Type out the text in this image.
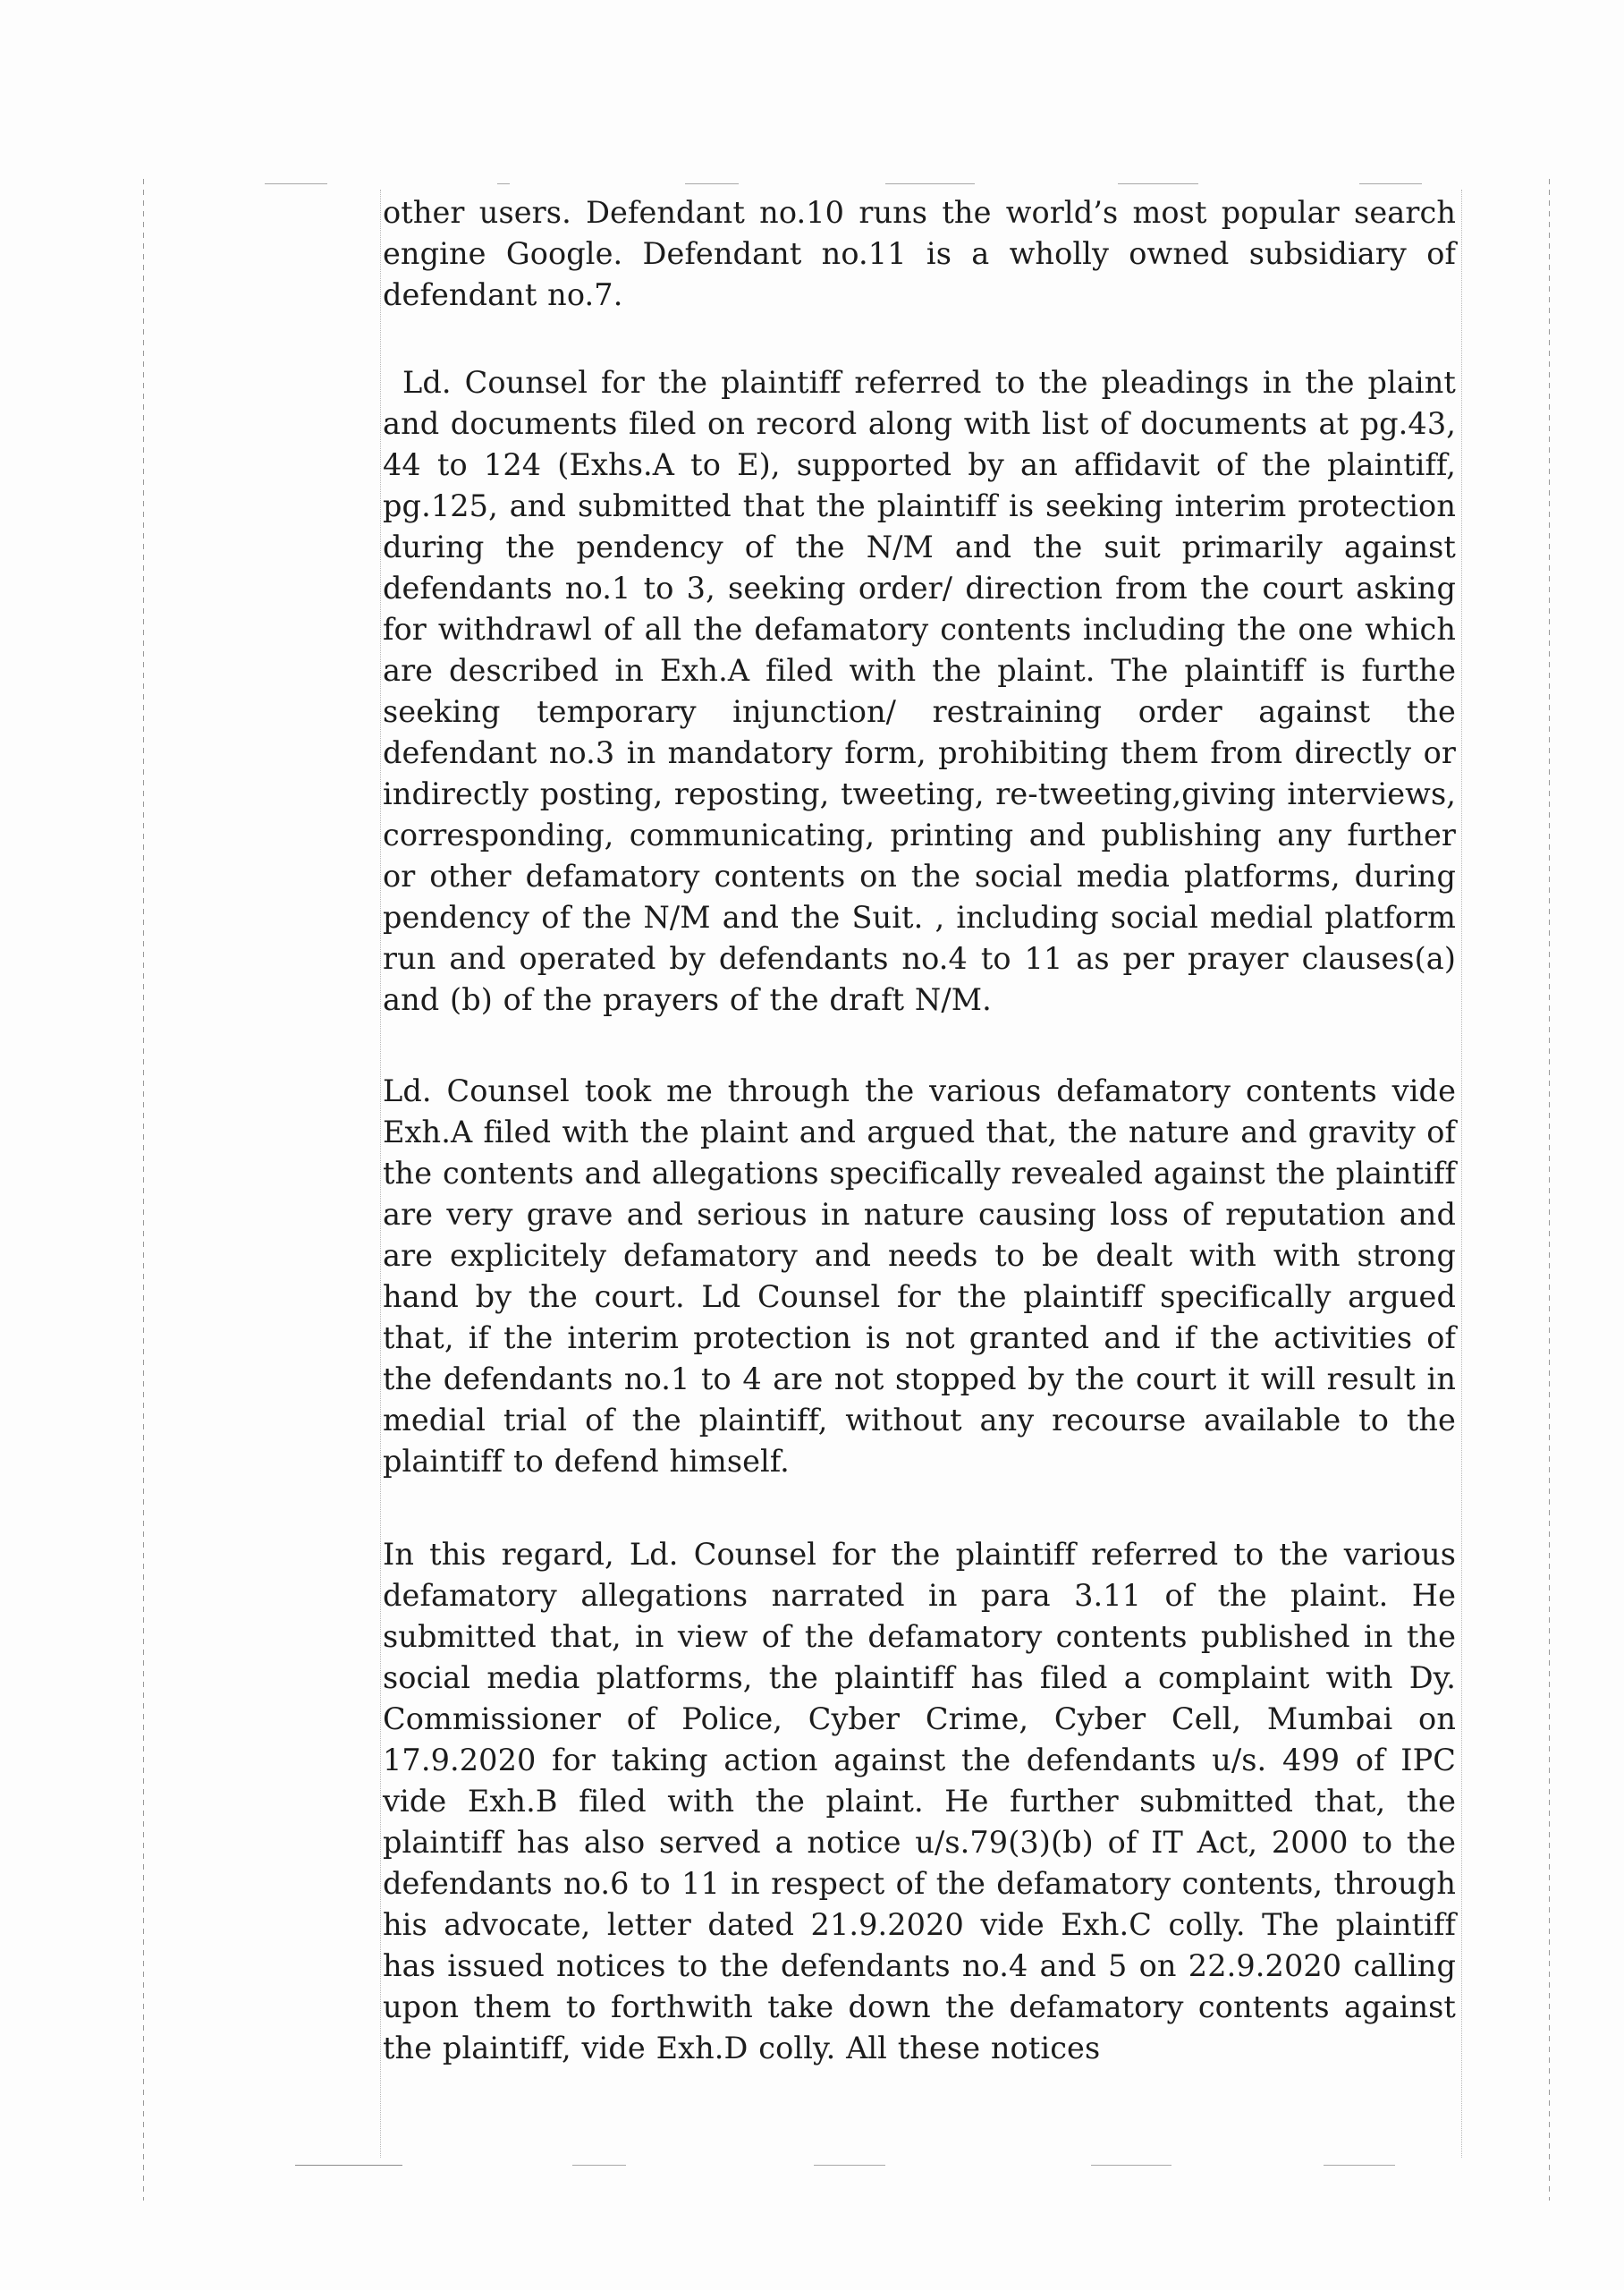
other users. Defendant no.10 runs the world’s most popular search engine Google. Defendant no.11 is a wholly owned subsidiary of defendant no.7.

Ld. Counsel for the plaintiff referred to the pleadings in the plaint and documents filed on record along with list of documents at pg.43, 44 to 124 (Exhs.A to E), supported by an affidavit of the plaintiff, pg.125, and submitted that the plaintiff is seeking interim protection during the pendency of the N/M and the suit primarily against defendants no.1 to 3, seeking order/ direction from the court asking for withdrawl of all the defamatory contents including the one which are described in Exh.A filed with the plaint. The plaintiff is furthe seeking temporary injunction/ restraining order against the defendant no.3 in mandatory form, prohibiting them from directly or indirectly posting, reposting, tweeting, re-tweeting,giving interviews, corresponding, communicating, printing and publishing any further or other defamatory contents on the social media platforms, during pendency of the N/M and the Suit. , including social medial platform run and operated by defendants no.4 to 11 as per prayer clauses(a) and (b) of the prayers of the draft N/M.

Ld. Counsel took me through the various defamatory contents vide Exh.A filed with the plaint and argued that, the nature and gravity of the contents and allegations specifically revealed against the plaintiff are very grave and serious in nature causing loss of reputation and are explicitely defamatory and needs to be dealt with with strong hand by the court. Ld Counsel for the plaintiff specifically argued that, if the interim protection is not granted and if the activities of the defendants no.1 to 4 are not stopped by the court it will result in medial trial of the plaintiff, without any recourse available to the plaintiff to defend himself.

In this regard, Ld. Counsel for the plaintiff referred to the various defamatory allegations narrated in para 3.11 of the plaint. He submitted that, in view of the defamatory contents published in the social media platforms, the plaintiff has filed a complaint with Dy. Commissioner of Police, Cyber Crime, Cyber Cell, Mumbai on 17.9.2020 for taking action against the defendants u/s. 499 of IPC vide Exh.B filed with the plaint. He further submitted that, the plaintiff has also served a notice u/s.79(3)(b) of IT Act, 2000 to the defendants no.6 to 11 in respect of the defamatory contents, through his advocate, letter dated 21.9.2020 vide Exh.C colly. The plaintiff has issued notices to the defendants no.4 and 5 on 22.9.2020 calling upon them to forthwith take down the defamatory contents against the plaintiff, vide Exh.D colly. All these notices
